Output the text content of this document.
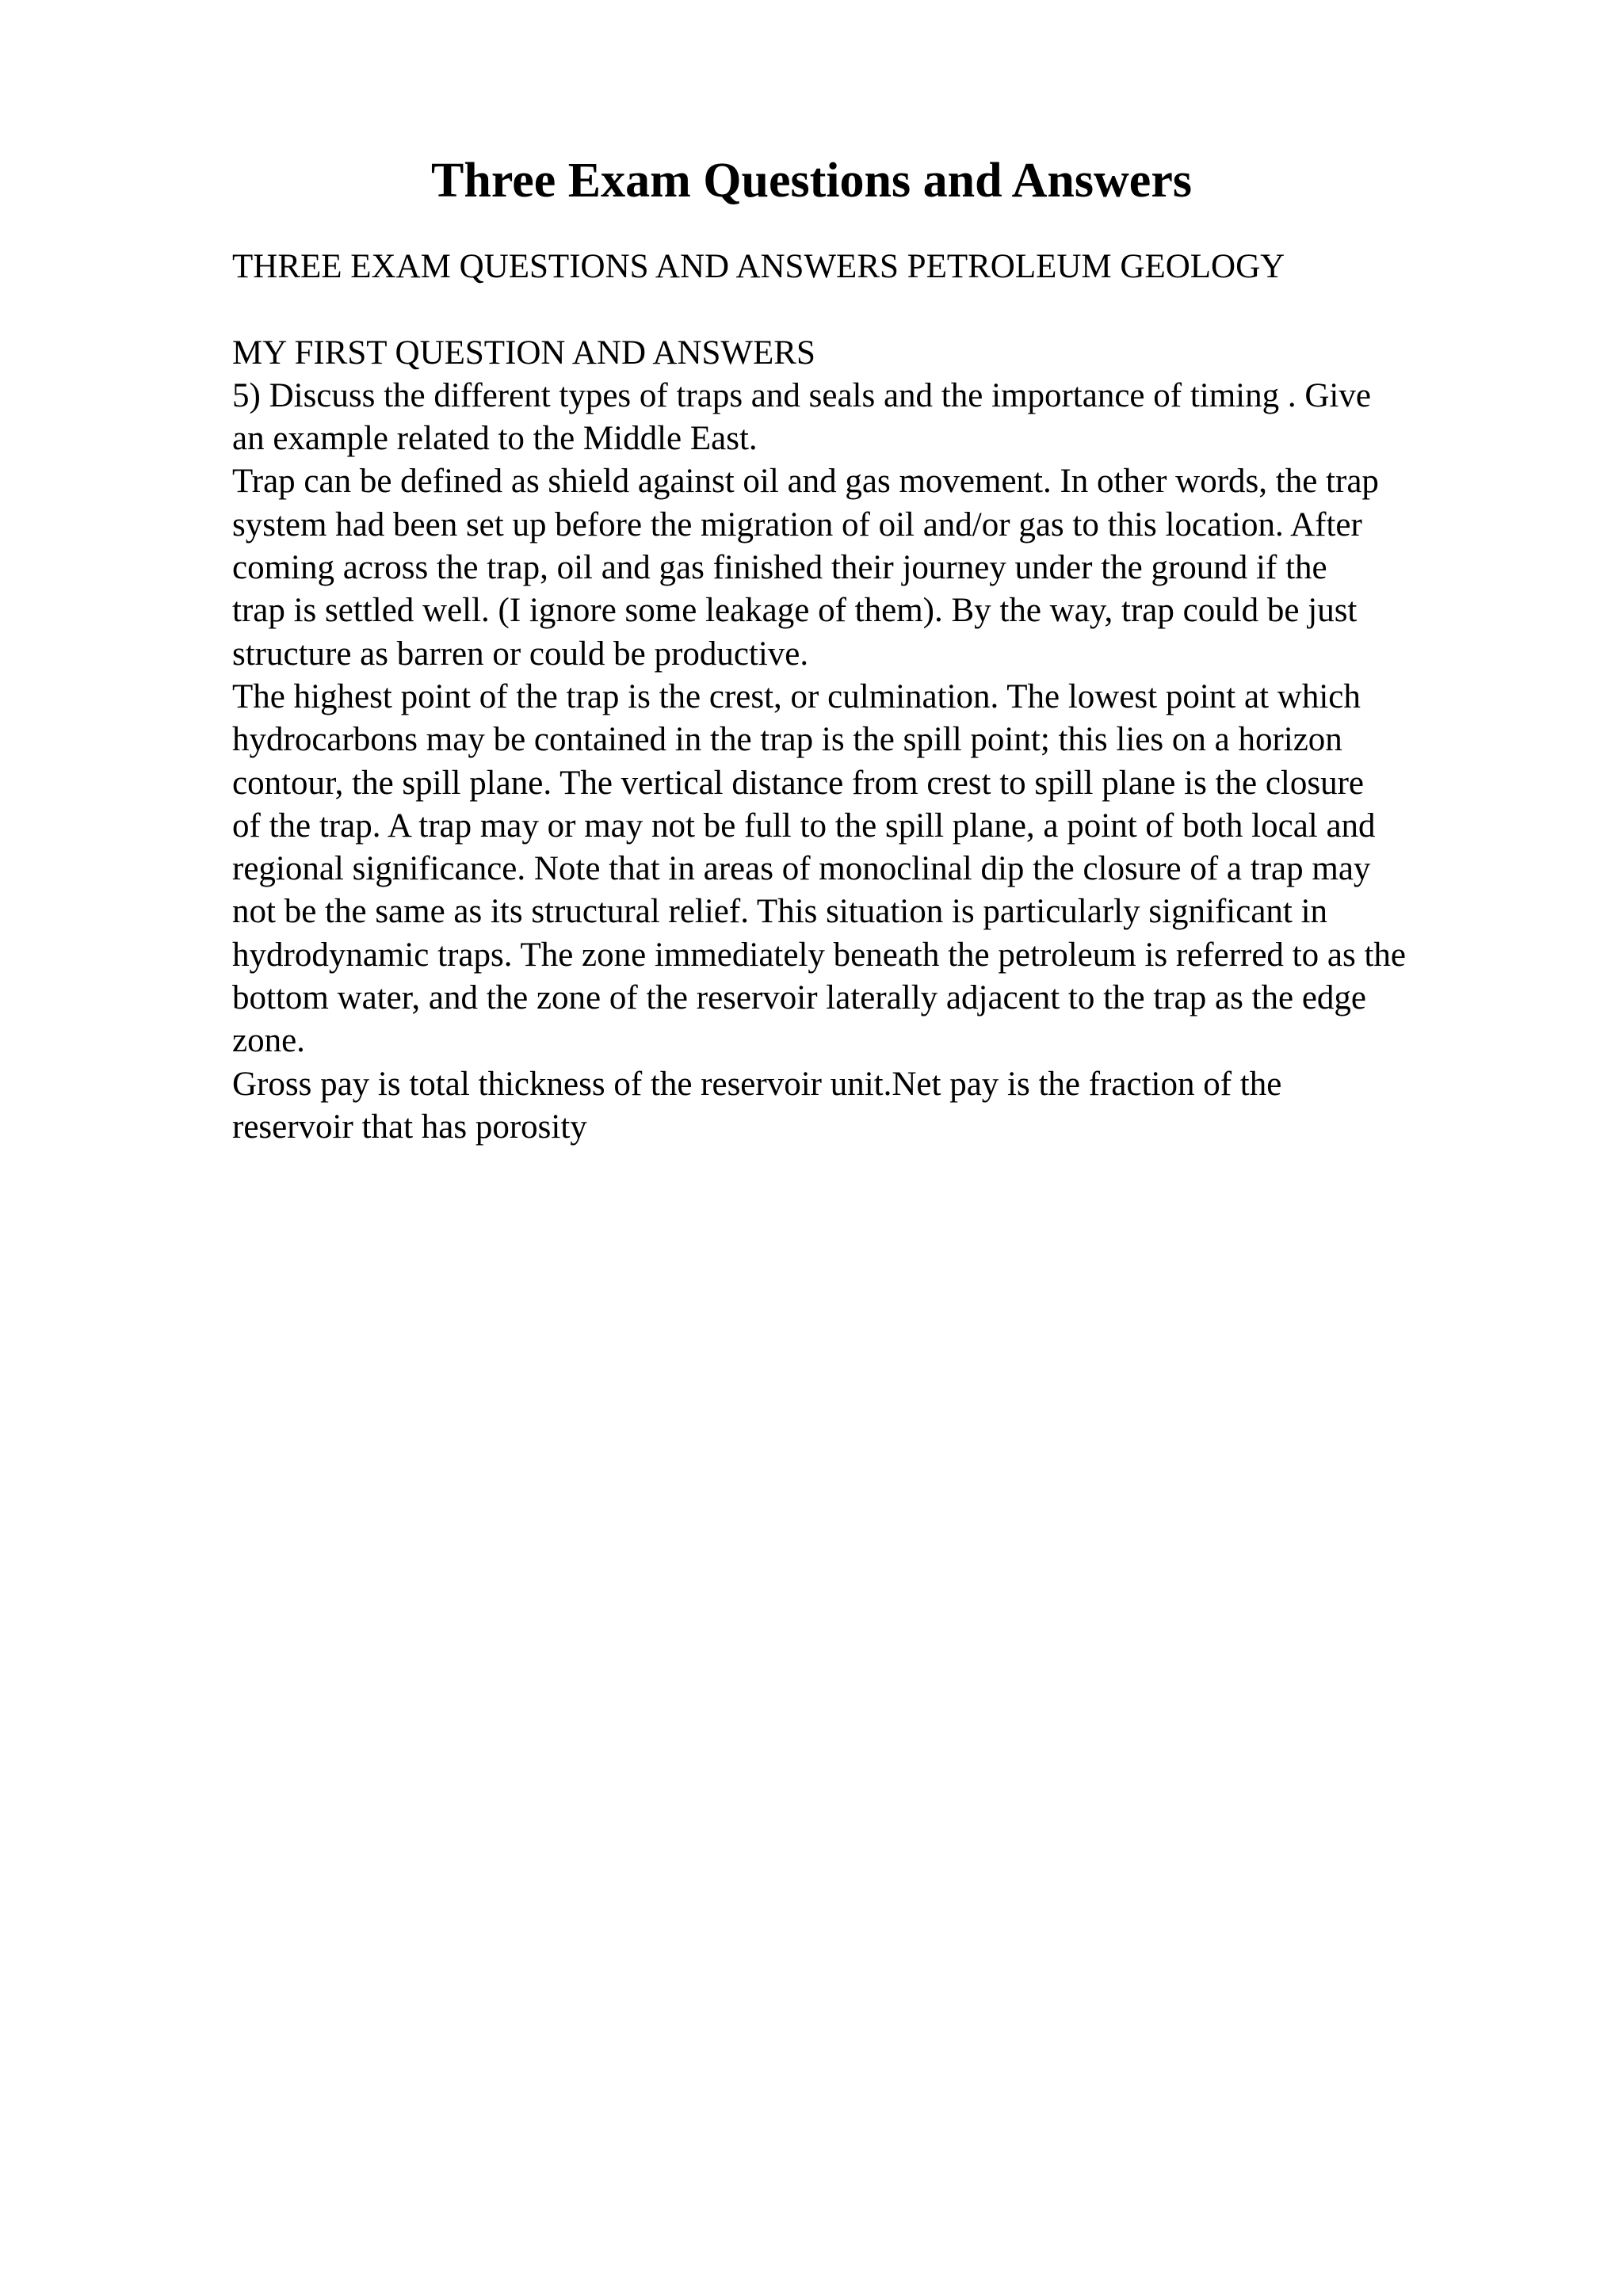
Three Exam Questions and Answers
THREE EXAM QUESTIONS AND ANSWERS PETROLEUM GEOLOGY
MY FIRST QUESTION AND ANSWERS
5) Discuss the different types of traps and seals and the importance of timing . Give
an example related to the Middle East.
Trap can be defined as shield against oil and gas movement. In other words, the trap
system had been set up before the migration of oil and/or gas to this location. After
coming across the trap, oil and gas finished their journey under the ground if the
trap is settled well. (I ignore some leakage of them). By the way, trap could be just
structure as barren or could be productive.
The highest point of the trap is the crest, or culmination. The lowest point at which
hydrocarbons may be contained in the trap is the spill point; this lies on a horizon
contour, the spill plane. The vertical distance from crest to spill plane is the closure
of the trap. A trap may or may not be full to the spill plane, a point of both local and
regional significance. Note that in areas of monoclinal dip the closure of a trap may
not be the same as its structural relief. This situation is particularly significant in
hydrodynamic traps. The zone immediately beneath the petroleum is referred to as the
bottom water, and the zone of the reservoir laterally adjacent to the trap as the edge
zone.
Gross pay is total thickness of the reservoir unit.Net pay is the fraction of the
reservoir that has porosity
